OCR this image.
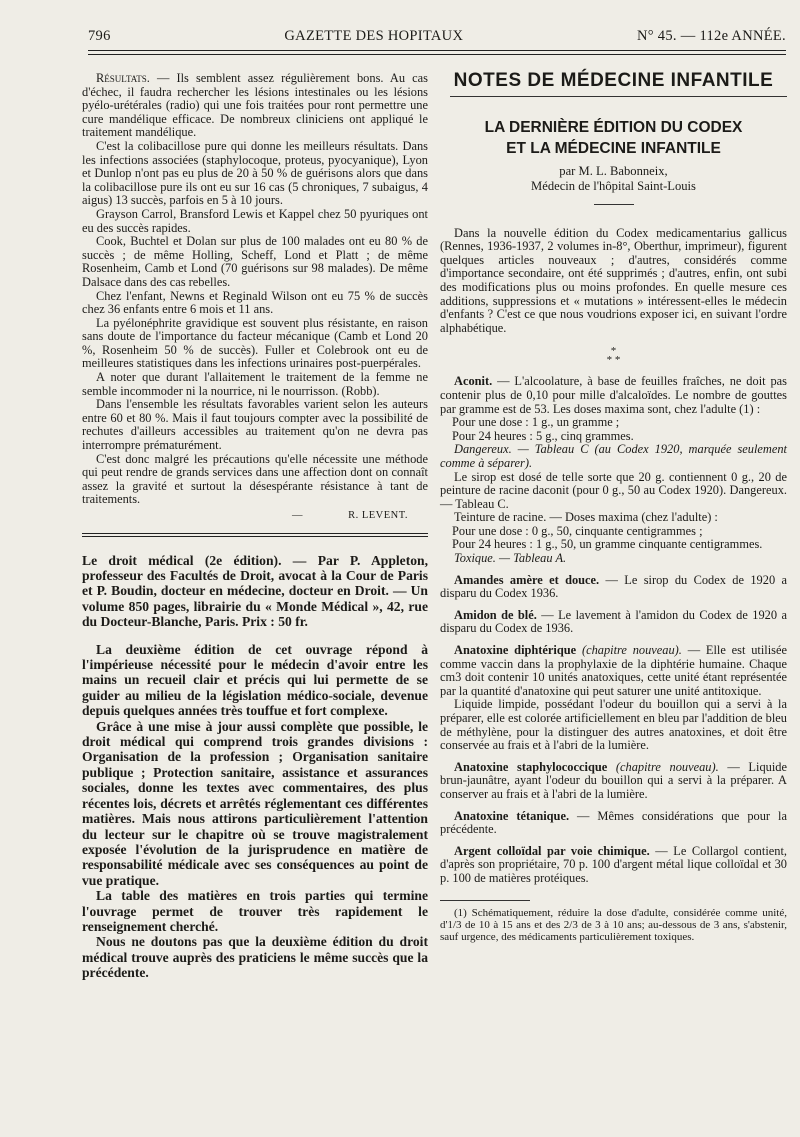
796	GAZETTE DES HOPITAUX	N° 45. — 112e ANNÉE.

Résultats. — Ils semblent assez régulièrement bons. Au cas d'échec, il faudra rechercher les lésions intestinales ou les lésions pyélo-urétérales (radio) qui une fois traitées pour ront permettre une cure mandélique efficace. De nombreux cliniciens ont appliqué le traitement mandélique.

C'est la colibacillose pure qui donne les meilleurs résultats. Dans les infections associées (staphylocoque, proteus, pyocyanique), Lyon et Dunlop n'ont pas eu plus de 20 à 50 % de guérisons alors que dans la colibacillose pure ils ont eu sur 16 cas (5 chroniques, 7 subaigus, 4 aigus) 13 succès, parfois en 5 à 10 jours.

Grayson Carrol, Bransford Lewis et Kappel chez 50 pyuriques ont eu des succès rapides.

Cook, Buchtel et Dolan sur plus de 100 malades ont eu 80 % de succès ; de même Holling, Scheff, Lond et Platt ; de même Rosenheim, Camb et Lond (70 guérisons sur 98 malades). De même Dalsace dans des cas rebelles.

Chez l'enfant, Newns et Reginald Wilson ont eu 75 % de succès chez 36 enfants entre 6 mois et 11 ans.

La pyélonéphrite gravidique est souvent plus résistante, en raison sans doute de l'importance du facteur mécanique (Camb et Lond 20 %, Rosenheim 50 % de succès). Fuller et Colebrook ont eu de meilleures statistiques dans les infections urinaires post-puerpérales.

A noter que durant l'allaitement le traitement de la femme ne semble incommoder ni la nourrice, ni le nourrisson. (Robb).

Dans l'ensemble les résultats favorables varient selon les auteurs entre 60 et 80 %. Mais il faut toujours compter avec la possibilité de rechutes d'ailleurs accessibles au traitement qu'on ne devra pas interrompre prématurément.

C'est donc malgré les précautions qu'elle nécessite une méthode qui peut rendre de grands services dans une affection dont on connaît assez la gravité et surtout la désespérante résistance à tant de traitements.

—	R. LEVENT.

Le droit médical (2e édition). — Par P. Appleton, professeur des Facultés de Droit, avocat à la Cour de Paris et P. Boudin, docteur en médecine, docteur en Droit. — Un volume 850 pages, librairie du « Monde Médical », 42, rue du Docteur-Blanche, Paris. Prix : 50 fr.

La deuxième édition de cet ouvrage répond à l'impérieuse nécessité pour le médecin d'avoir entre les mains un recueil clair et précis qui lui permette de se guider au milieu de la législation médico-sociale, devenue depuis quelques années très touffue et fort complexe.

Grâce à une mise à jour aussi complète que possible, le droit médical qui comprend trois grandes divisions : Organisation de la profession ; Organisation sanitaire publique ; Protection sanitaire, assistance et assurances sociales, donne les textes avec commentaires, des plus récentes lois, décrets et arrêtés réglementant ces différentes matières. Mais nous attirons particulièrement l'attention du lecteur sur le chapitre où se trouve magistralement exposée l'évolution de la jurisprudence en matière de responsabilité médicale avec ses conséquences au point de vue pratique.

La table des matières en trois parties qui termine l'ouvrage permet de trouver très rapidement le renseignement cherché.

Nous ne doutons pas que la deuxième édition du droit médical trouve auprès des praticiens le même succès que la précédente.

NOTES DE MÉDECINE INFANTILE
LA DERNIÈRE ÉDITION DU CODEX
ET LA MÉDECINE INFANTILE
par M. L. Babonneix,
Médecin de l'hôpital Saint-Louis

Dans la nouvelle édition du Codex medicamentarius gallicus (Rennes, 1936-1937, 2 volumes in-8°, Oberthur, imprimeur), figurent quelques articles nouveaux ; d'autres, considérés comme d'importance secondaire, ont été supprimés ; d'autres, enfin, ont subi des modifications plus ou moins profondes. En quelle mesure ces additions, suppressions et « mutations » intéressent-elles le médecin d'enfants ? C'est ce que nous voudrions exposer ici, en suivant l'ordre alphabétique.

*
* *

Aconit. — L'alcoolature, à base de feuilles fraîches, ne doit pas contenir plus de 0,10 pour mille d'alcaloïdes. Le nombre de gouttes par gramme est de 53. Les doses maxima sont, chez l'adulte (1) :

Pour une dose : 1 g., un gramme ;

Pour 24 heures : 5 g., cinq grammes.

Dangereux. — Tableau C (au Codex 1920, marquée seulement comme à séparer).

Le sirop est dosé de telle sorte que 20 g. contiennent 0 g., 20 de peinture de racine daconit (pour 0 g., 50 au Codex 1920). Dangereux. — Tableau C.

Teinture de racine. — Doses maxima (chez l'adulte) :

Pour une dose : 0 g., 50, cinquante centigrammes ;

Pour 24 heures : 1 g., 50, un gramme cinquante centigrammes.

Toxique. — Tableau A.

Amandes amère et douce. — Le sirop du Codex de 1920 a disparu du Codex 1936.

Amidon de blé. — Le lavement à l'amidon du Codex de 1920 a disparu du Codex de 1936.

Anatoxine diphtérique (chapitre nouveau). — Elle est utilisée comme vaccin dans la prophylaxie de la diphtérie humaine. Chaque cm3 doit contenir 10 unités anatoxiques, cette unité étant représentée par la quantité d'anatoxine qui peut saturer une unité antitoxique.

Liquide limpide, possédant l'odeur du bouillon qui a servi à la préparer, elle est colorée artificiellement en bleu par l'addition de bleu de méthylène, pour la distinguer des autres anatoxines, et doit être conservée au frais et à l'abri de la lumière.

Anatoxine staphylococcique (chapitre nouveau). — Liquide brun-jaunâtre, ayant l'odeur du bouillon qui a servi à la préparer. A conserver au frais et à l'abri de la lumière.

Anatoxine tétanique. — Mêmes considérations que pour la précédente.

Argent colloïdal par voie chimique. — Le Collargol contient, d'après son propriétaire, 70 p. 100 d'argent métal lique colloïdal et 30 p. 100 de matières protéiques.

(1) Schématiquement, réduire la dose d'adulte, considérée comme unité, d'1/3 de 10 à 15 ans et des 2/3 de 3 à 10 ans; au-dessous de 3 ans, s'abstenir, sauf urgence, des médicaments particulièrement toxiques.
